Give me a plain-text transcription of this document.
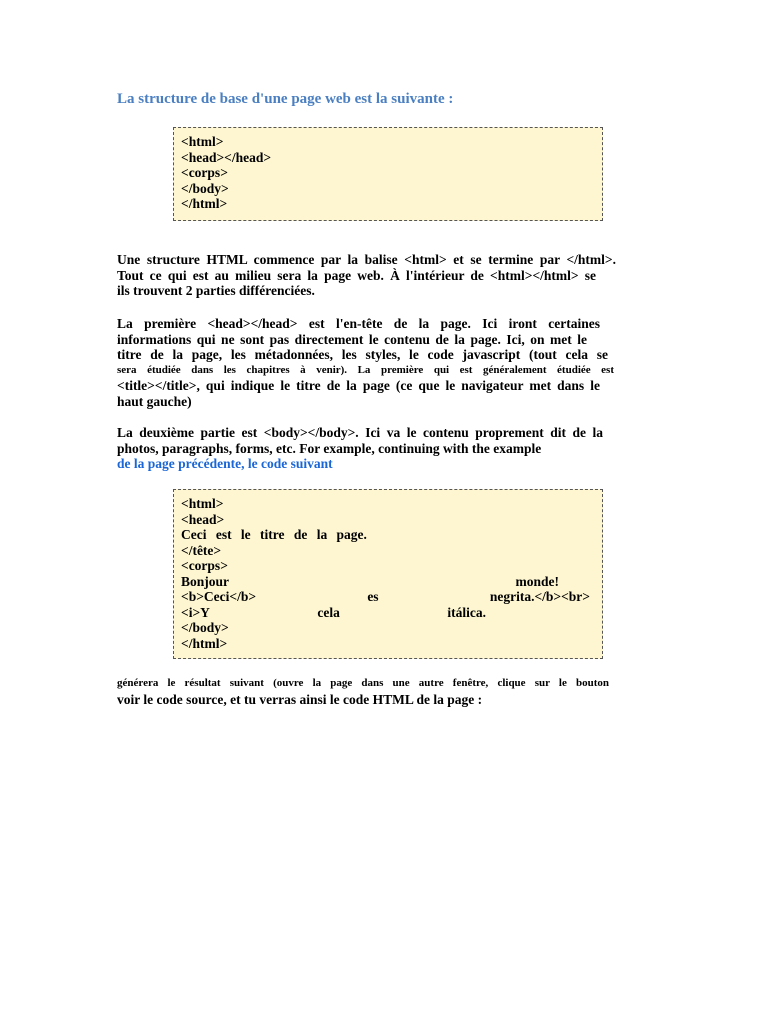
La structure de base d'une page web est la suivante :
<html>
<head></head>
<corps>
</body>
</html>
Une structure HTML commence par la balise <html> et se termine par </html>.
Tout ce qui est au milieu sera la page web. À l'intérieur de <html></html> se
ils trouvent 2 parties différenciées.
La première <head></head> est l'en-tête de la page. Ici iront certaines
informations qui ne sont pas directement le contenu de la page. Ici, on met le
titre de la page, les métadonnées, les styles, le code javascript (tout cela se
sera étudiée dans les chapitres à venir). La première qui est généralement étudiée est
<title></title>, qui indique le titre de la page (ce que le navigateur met dans le
haut gauche)
La deuxième partie est <body></body>. Ici va le contenu proprement dit de la
photos, paragraphs, forms, etc. For example, continuing with the example
de la page précédente, le code suivant
<html>
<head>
Ceci est le titre de la page.
</tête>
<corps>
Bonjour	monde!
<b>Ceci</b>	es	negrita.</b><br>
<i>Y	cela	itálica.
</body>
</html>
générera le résultat suivant (ouvre la page dans une autre fenêtre, clique sur le bouton
voir le code source, et tu verras ainsi le code HTML de la page :
